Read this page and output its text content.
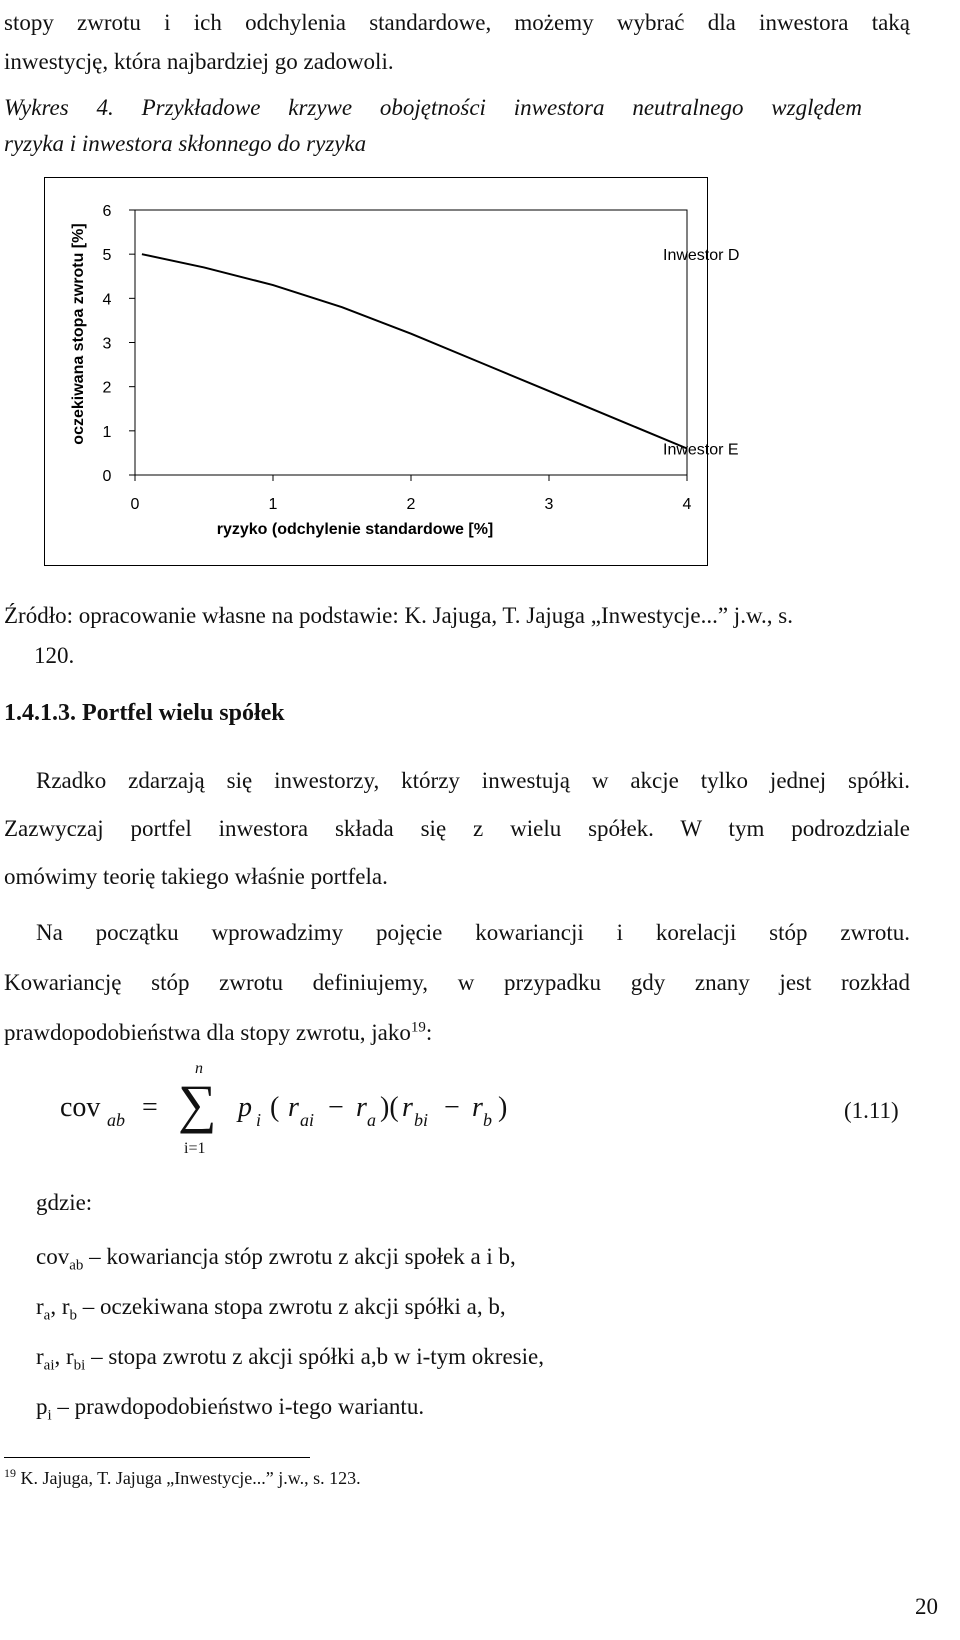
stopy zwrotu i ich odchylenia standardowe, możemy wybrać dla inwestora taką
inwestycję, która najbardziej go zadowoli.
Wykres 4. Przykładowe krzywe obojętności inwestora neutralnego względem
ryzyka i inwestora skłonnego do ryzyka
0	1	2	3	4
0
1
2
3
4
5
6
Inwestor D
Inwestor E
ryzyko (odchylenie standardowe [%]
oczekiwana stopa zwrotu [%]
Źródło: opracowanie własne na podstawie: K. Jajuga, T. Jajuga „Inwestycje...” j.w., s.
120.
1.4.1.3. Portfel wielu spółek
Rzadko zdarzają się inwestorzy, którzy inwestują w akcje tylko jednej spółki.
Zazwyczaj portfel inwestora składa się z wielu spółek. W tym podrozdziale
omówimy teorię takiego właśnie portfela.
Na początku wprowadzimy pojęcie kowariancji i korelacji stóp zwrotu.
Kowariancję stóp zwrotu definiujemy, w przypadku gdy znany jest rozkład
prawdopodobieństwa dla stopy zwrotu, jako$^{19}$:
cov ab =
n
∑
i=1
p i ( r ai − r a )( r bi − r b )	(1.11)
gdzie:
cov$_{ab}$ – kowariancja stóp zwrotu z akcji społek a i b,
$r_a$, $r_b$ – oczekiwana stopa zwrotu z akcji spółki a, b,
$r_{ai}$, $r_{bi}$ – stopa zwrotu z akcji spółki a,b w i-tym okresie,
$p_i$ – prawdopodobieństwo i-tego wariantu.
$^{19}$ K. Jajuga, T. Jajuga „Inwestycje...” j.w., s. 123.
20
